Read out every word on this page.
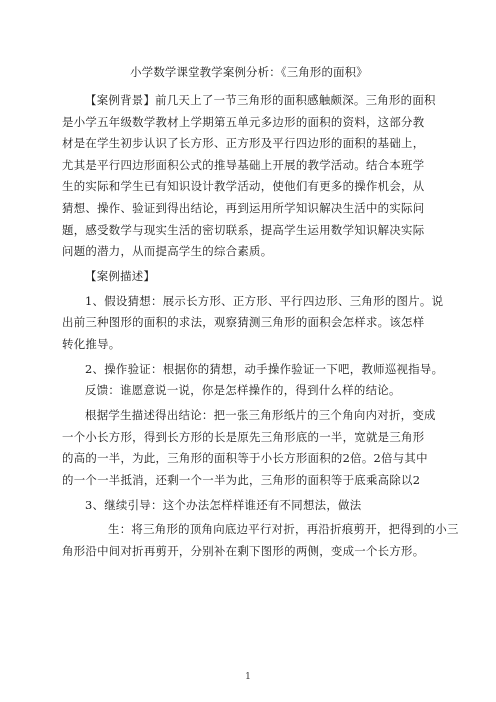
小学数学课堂教学案例分析：《三角形的面积》
【案例背景】前几天上了一节三角形的面积感触颇深。三角形的面积
是小学五年级数学教材上学期第五单元多边形的面积的资料，这部分教
材是在学生初步认识了长方形、正方形及平行四边形的面积的基础上，
尤其是平行四边形面积公式的推导基础上开展的教学活动。结合本班学
生的实际和学生已有知识设计教学活动，使他们有更多的操作机会，从
猜想、操作、验证到得出结论，再到运用所学知识解决生活中的实际问
题，感受数学与现实生活的密切联系，提高学生运用数学知识解决实际
问题的潜力，从而提高学生的综合素质。
【案例描述】
1、假设猜想：展示长方形、正方形、平行四边形、三角形的图片。说
出前三种图形的面积的求法，观察猜测三角形的面积会怎样求。该怎样
转化推导。
2、操作验证：根据你的猜想，动手操作验证一下吧，教师巡视指导。
反馈：谁愿意说一说，你是怎样操作的，得到什么样的结论。
根据学生描述得出结论：把一张三角形纸片的三个角向内对折，变成
一个小长方形，得到长方形的长是原先三角形底的一半，宽就是三角形
的高的一半，为此，三角形的面积等于小长方形面积的2倍。2倍与其中
的一个一半抵消，还剩一个一半为此，三角形的面积等于底乘高除以2
3、继续引导：这个办法怎样样谁还有不同想法，做法
生：将三角形的顶角向底边平行对折，再沿折痕剪开，把得到的小三
角形沿中间对折再剪开，分别补在剩下图形的两侧，变成一个长方形。
1
